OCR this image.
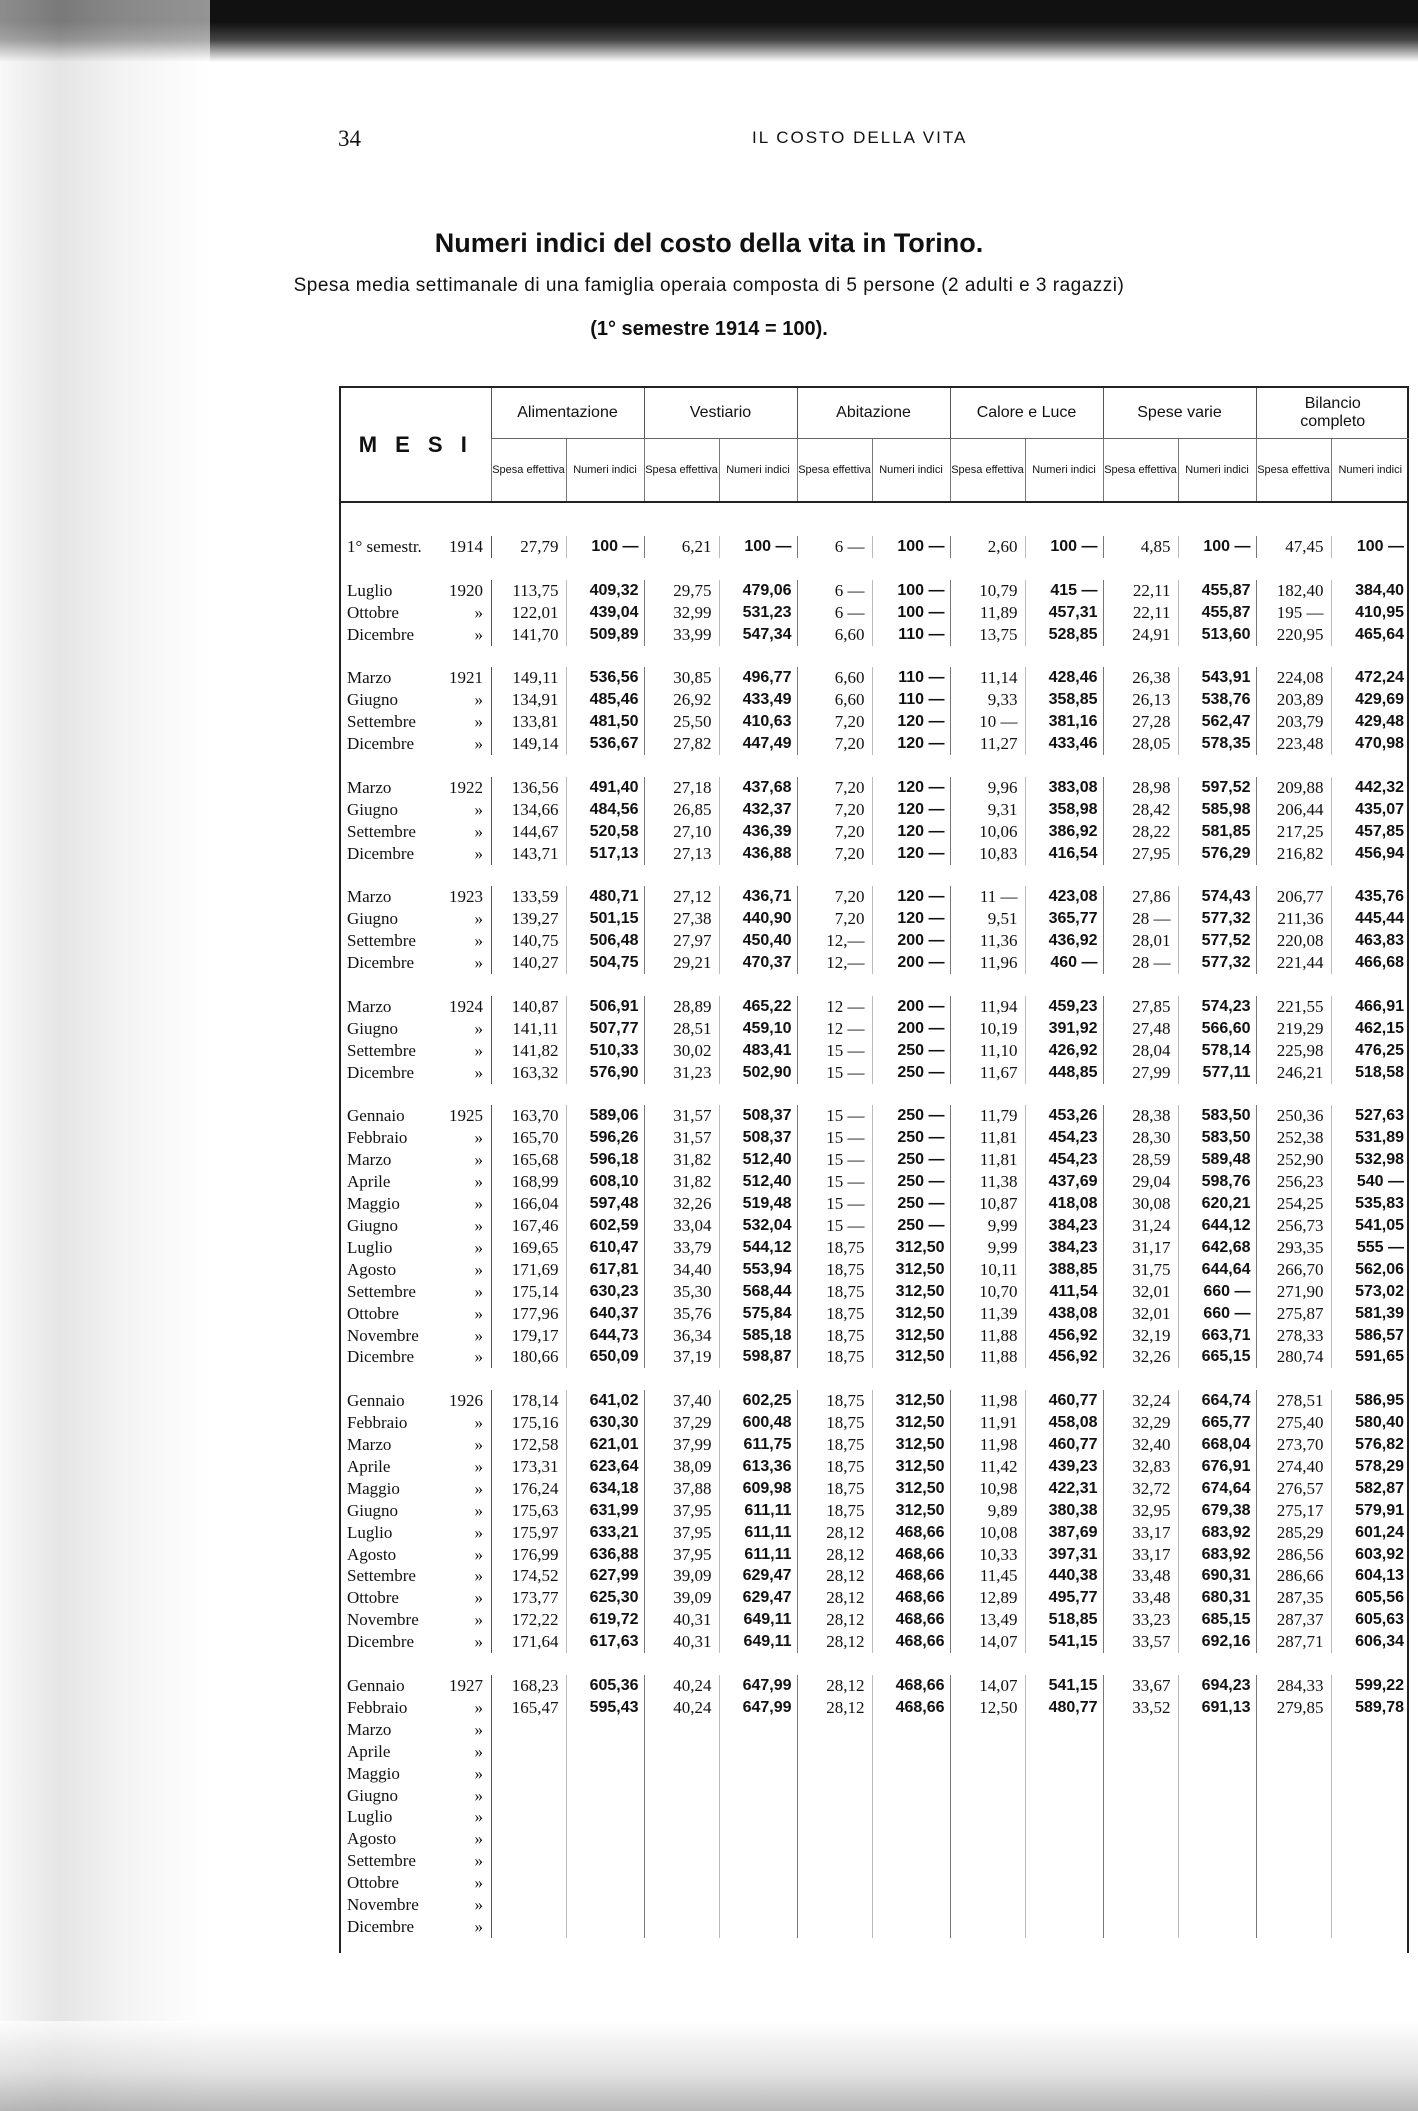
34	IL COSTO DELLA VITA
Numeri indici del costo della vita in Torino.
Spesa media settimanale di una famiglia operaia composta di 5 persone (2 adulti e 3 ragazzi)
(1° semestre 1914 = 100).
M E S I	Alimentazione		Vestiario		Abitazione		Calore e Luce		Spese varie		Bilancio completo	
	Spesa effettiva	Numeri indici	Spesa effettiva	Numeri indici	Spesa effettiva	Numeri indici	Spesa effettiva	Numeri indici	Spesa effettiva	Numeri indici	Spesa effettiva	Numeri indici

1° semestr. 1914	27,79	100 —	6,21	100 —	6 —	100 —	2,60	100 —	4,85	100 —	47,45	100 —

Luglio 1920	113,75	409,32	29,75	479,06	6 —	100 —	10,79	415 —	22,11	455,87	182,40	384,40
Ottobre »	122,01	439,04	32,99	531,23	6 —	100 —	11,89	457,31	22,11	455,87	195 —	410,95
Dicembre »	141,70	509,89	33,99	547,34	6,60	110 —	13,75	528,85	24,91	513,60	220,95	465,64

Marzo 1921	149,11	536,56	30,85	496,77	6,60	110 —	11,14	428,46	26,38	543,91	224,08	472,24
Giugno »	134,91	485,46	26,92	433,49	6,60	110 —	9,33	358,85	26,13	538,76	203,89	429,69
Settembre »	133,81	481,50	25,50	410,63	7,20	120 —	10 —	381,16	27,28	562,47	203,79	429,48
Dicembre »	149,14	536,67	27,82	447,49	7,20	120 —	11,27	433,46	28,05	578,35	223,48	470,98

Marzo 1922	136,56	491,40	27,18	437,68	7,20	120 —	9,96	383,08	28,98	597,52	209,88	442,32
Giugno »	134,66	484,56	26,85	432,37	7,20	120 —	9,31	358,98	28,42	585,98	206,44	435,07
Settembre »	144,67	520,58	27,10	436,39	7,20	120 —	10,06	386,92	28,22	581,85	217,25	457,85
Dicembre »	143,71	517,13	27,13	436,88	7,20	120 —	10,83	416,54	27,95	576,29	216,82	456,94

Marzo 1923	133,59	480,71	27,12	436,71	7,20	120 —	11 —	423,08	27,86	574,43	206,77	435,76
Giugno »	139,27	501,15	27,38	440,90	7,20	120 —	9,51	365,77	28 —	577,32	211,36	445,44
Settembre »	140,75	506,48	27,97	450,40	12,—	200 —	11,36	436,92	28,01	577,52	220,08	463,83
Dicembre »	140,27	504,75	29,21	470,37	12,—	200 —	11,96	460 —	28 —	577,32	221,44	466,68

Marzo 1924	140,87	506,91	28,89	465,22	12 —	200 —	11,94	459,23	27,85	574,23	221,55	466,91
Giugno »	141,11	507,77	28,51	459,10	12 —	200 —	10,19	391,92	27,48	566,60	219,29	462,15
Settembre »	141,82	510,33	30,02	483,41	15 —	250 —	11,10	426,92	28,04	578,14	225,98	476,25
Dicembre »	163,32	576,90	31,23	502,90	15 —	250 —	11,67	448,85	27,99	577,11	246,21	518,58

Gennaio 1925	163,70	589,06	31,57	508,37	15 —	250 —	11,79	453,26	28,38	583,50	250,36	527,63
Febbraio »	165,70	596,26	31,57	508,37	15 —	250 —	11,81	454,23	28,30	583,50	252,38	531,89
Marzo »	165,68	596,18	31,82	512,40	15 —	250 —	11,81	454,23	28,59	589,48	252,90	532,98
Aprile »	168,99	608,10	31,82	512,40	15 —	250 —	11,38	437,69	29,04	598,76	256,23	540 —
Maggio »	166,04	597,48	32,26	519,48	15 —	250 —	10,87	418,08	30,08	620,21	254,25	535,83
Giugno »	167,46	602,59	33,04	532,04	15 —	250 —	9,99	384,23	31,24	644,12	256,73	541,05
Luglio »	169,65	610,47	33,79	544,12	18,75	312,50	9,99	384,23	31,17	642,68	293,35	555 —
Agosto »	171,69	617,81	34,40	553,94	18,75	312,50	10,11	388,85	31,75	644,64	266,70	562,06
Settembre »	175,14	630,23	35,30	568,44	18,75	312,50	10,70	411,54	32,01	660 —	271,90	573,02
Ottobre »	177,96	640,37	35,76	575,84	18,75	312,50	11,39	438,08	32,01	660 —	275,87	581,39
Novembre »	179,17	644,73	36,34	585,18	18,75	312,50	11,88	456,92	32,19	663,71	278,33	586,57
Dicembre »	180,66	650,09	37,19	598,87	18,75	312,50	11,88	456,92	32,26	665,15	280,74	591,65

Gennaio 1926	178,14	641,02	37,40	602,25	18,75	312,50	11,98	460,77	32,24	664,74	278,51	586,95
Febbraio »	175,16	630,30	37,29	600,48	18,75	312,50	11,91	458,08	32,29	665,77	275,40	580,40
Marzo »	172,58	621,01	37,99	611,75	18,75	312,50	11,98	460,77	32,40	668,04	273,70	576,82
Aprile »	173,31	623,64	38,09	613,36	18,75	312,50	11,42	439,23	32,83	676,91	274,40	578,29
Maggio »	176,24	634,18	37,88	609,98	18,75	312,50	10,98	422,31	32,72	674,64	276,57	582,87
Giugno »	175,63	631,99	37,95	611,11	18,75	312,50	9,89	380,38	32,95	679,38	275,17	579,91
Luglio »	175,97	633,21	37,95	611,11	28,12	468,66	10,08	387,69	33,17	683,92	285,29	601,24
Agosto »	176,99	636,88	37,95	611,11	28,12	468,66	10,33	397,31	33,17	683,92	286,56	603,92
Settembre »	174,52	627,99	39,09	629,47	28,12	468,66	11,45	440,38	33,48	690,31	286,66	604,13
Ottobre »	173,77	625,30	39,09	629,47	28,12	468,66	12,89	495,77	33,48	680,31	287,35	605,56
Novembre »	172,22	619,72	40,31	649,11	28,12	468,66	13,49	518,85	33,23	685,15	287,37	605,63
Dicembre »	171,64	617,63	40,31	649,11	28,12	468,66	14,07	541,15	33,57	692,16	287,71	606,34

Gennaio 1927	168,23	605,36	40,24	647,99	28,12	468,66	14,07	541,15	33,67	694,23	284,33	599,22
Febbraio »	165,47	595,43	40,24	647,99	28,12	468,66	12,50	480,77	33,52	691,13	279,85	589,78
Marzo »												
Aprile »												
Maggio »												
Giugno »												
Luglio »												
Agosto »												
Settembre »												
Ottobre »												
Novembre »												
Dicembre »												
